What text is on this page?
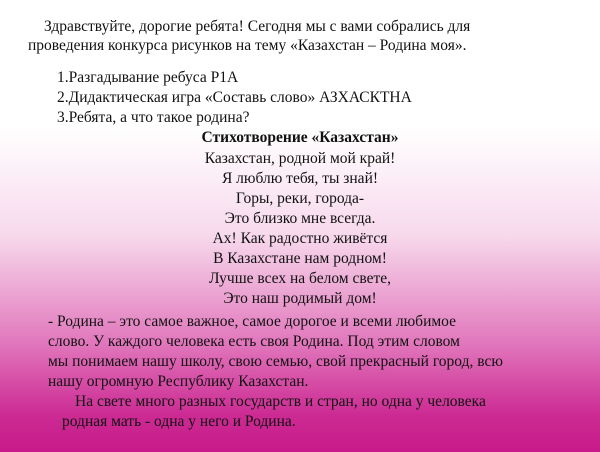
Здравствуйте, дорогие ребята! Сегодня мы с вами собрались для
проведения конкурса рисунков на тему «Казахстан – Родина моя».
1.Разгадывание ребуса Р1А
2.Дидактическая игра «Составь слово» АЗХАСКТНА
3.Ребята, а что такое родина?
Стихотворение «Казахстан»
Казахстан, родной мой край!
Я люблю тебя, ты знай!
Горы, реки, города-
Это близко мне всегда.
Ах! Как радостно живётся
В Казахстане нам родном!
Лучше всех на белом свете,
Это наш родимый дом!
- Родина – это самое важное, самое дорогое и всеми любимое
слово. У каждого человека есть своя Родина. Под этим словом
мы понимаем нашу школу, свою семью, свой прекрасный город, всю
нашу огромную Республику Казахстан.
На свете много разных государств и стран, но одна у человека
родная мать - одна у него и Родина.
